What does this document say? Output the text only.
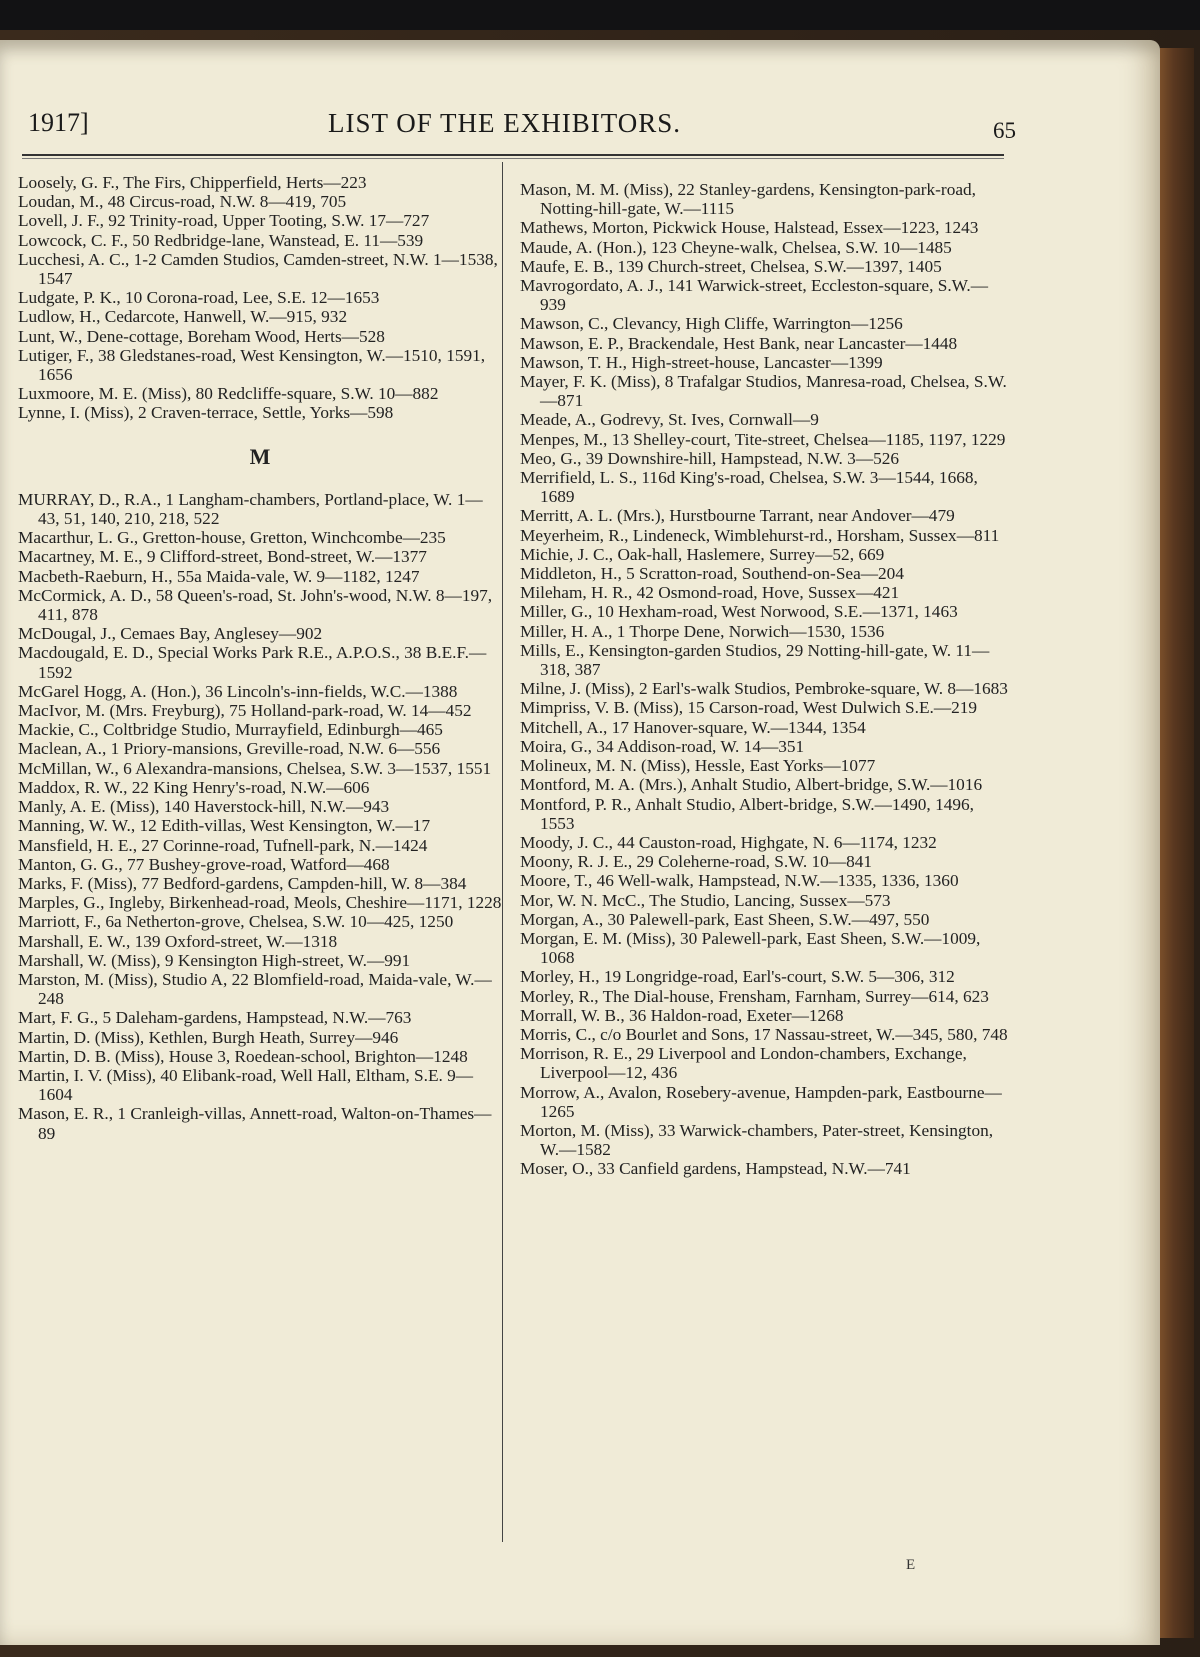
1917]	LIST OF THE EXHIBITORS.	65

Loosely, G. F., The Firs, Chipperfield, Herts—223

Loudan, M., 48 Circus-road, N.W. 8—419, 705

Lovell, J. F., 92 Trinity-road, Upper Tooting, S.W. 17—727

Lowcock, C. F., 50 Redbridge-lane, Wanstead, E. 11—539

Lucchesi, A. C., 1-2 Camden Studios, Camden-street, N.W. 1—1538, 1547

Ludgate, P. K., 10 Corona-road, Lee, S.E. 12—1653

Ludlow, H., Cedarcote, Hanwell, W.—915, 932

Lunt, W., Dene-cottage, Boreham Wood, Herts—528

Lutiger, F., 38 Gledstanes-road, West Kensington, W.—1510, 1591, 1656

Luxmoore, M. E. (Miss), 80 Redcliffe-square, S.W. 10—882

Lynne, I. (Miss), 2 Craven-terrace, Settle, Yorks—598

M

MURRAY, D., R.A., 1 Langham-chambers, Portland-place, W. 1—43, 51, 140, 210, 218, 522

Macarthur, L. G., Gretton-house, Gretton, Winchcombe—235

Macartney, M. E., 9 Clifford-street, Bond-street, W.—1377

Macbeth-Raeburn, H., 55a Maida-vale, W. 9—1182, 1247

McCormick, A. D., 58 Queen's-road, St. John's-wood, N.W. 8—197, 411, 878

McDougal, J., Cemaes Bay, Anglesey—902

Macdougald, E. D., Special Works Park R.E., A.P.O.S., 38 B.E.F.—1592

McGarel Hogg, A. (Hon.), 36 Lincoln's-inn-fields, W.C.—1388

MacIvor, M. (Mrs. Freyburg), 75 Holland-park-road, W. 14—452

Mackie, C., Coltbridge Studio, Murrayfield, Edinburgh—465

Maclean, A., 1 Priory-mansions, Greville-road, N.W. 6—556

McMillan, W., 6 Alexandra-mansions, Chelsea, S.W. 3—1537, 1551

Maddox, R. W., 22 King Henry's-road, N.W.—606

Manly, A. E. (Miss), 140 Haverstock-hill, N.W.—943

Manning, W. W., 12 Edith-villas, West Kensington, W.—17

Mansfield, H. E., 27 Corinne-road, Tufnell-park, N.—1424

Manton, G. G., 77 Bushey-grove-road, Watford—468

Marks, F. (Miss), 77 Bedford-gardens, Campden-hill, W. 8—384

Marples, G., Ingleby, Birkenhead-road, Meols, Cheshire—1171, 1228

Marriott, F., 6a Netherton-grove, Chelsea, S.W. 10—425, 1250

Marshall, E. W., 139 Oxford-street, W.—1318

Marshall, W. (Miss), 9 Kensington High-street, W.—991

Marston, M. (Miss), Studio A, 22 Blomfield-road, Maida-vale, W.—248

Mart, F. G., 5 Daleham-gardens, Hampstead, N.W.—763

Martin, D. (Miss), Kethlen, Burgh Heath, Surrey—946

Martin, D. B. (Miss), House 3, Roedean-school, Brighton—1248

Martin, I. V. (Miss), 40 Elibank-road, Well Hall, Eltham, S.E. 9—1604

Mason, E. R., 1 Cranleigh-villas, Annett-road, Walton-on-Thames—89

Mason, M. M. (Miss), 22 Stanley-gardens, Kensington-park-road, Notting-hill-gate, W.—1115

Mathews, Morton, Pickwick House, Halstead, Essex—1223, 1243

Maude, A. (Hon.), 123 Cheyne-walk, Chelsea, S.W. 10—1485

Maufe, E. B., 139 Church-street, Chelsea, S.W.—1397, 1405

Mavrogordato, A. J., 141 Warwick-street, Eccleston-square, S.W.—939

Mawson, C., Clevancy, High Cliffe, Warrington—1256

Mawson, E. P., Brackendale, Hest Bank, near Lancaster—1448

Mawson, T. H., High-street-house, Lancaster—1399

Mayer, F. K. (Miss), 8 Trafalgar Studios, Manresa-road, Chelsea, S.W.—871

Meade, A., Godrevy, St. Ives, Cornwall—9

Menpes, M., 13 Shelley-court, Tite-street, Chelsea—1185, 1197, 1229

Meo, G., 39 Downshire-hill, Hampstead, N.W. 3—526

Merrifield, L. S., 116d King's-road, Chelsea, S.W. 3—1544, 1668, 1689

Merritt, A. L. (Mrs.), Hurstbourne Tarrant, near Andover—479

Meyerheim, R., Lindeneck, Wimblehurst-rd., Horsham, Sussex—811

Michie, J. C., Oak-hall, Haslemere, Surrey—52, 669

Middleton, H., 5 Scratton-road, Southend-on-Sea—204

Mileham, H. R., 42 Osmond-road, Hove, Sussex—421

Miller, G., 10 Hexham-road, West Norwood, S.E.—1371, 1463

Miller, H. A., 1 Thorpe Dene, Norwich—1530, 1536

Mills, E., Kensington-garden Studios, 29 Notting-hill-gate, W. 11—318, 387

Milne, J. (Miss), 2 Earl's-walk Studios, Pembroke-square, W. 8—1683

Mimpriss, V. B. (Miss), 15 Carson-road, West Dulwich S.E.—219

Mitchell, A., 17 Hanover-square, W.—1344, 1354

Moira, G., 34 Addison-road, W. 14—351

Molineux, M. N. (Miss), Hessle, East Yorks—1077

Montford, M. A. (Mrs.), Anhalt Studio, Albert-bridge, S.W.—1016

Montford, P. R., Anhalt Studio, Albert-bridge, S.W.—1490, 1496, 1553

Moody, J. C., 44 Causton-road, Highgate, N. 6—1174, 1232

Moony, R. J. E., 29 Coleherne-road, S.W. 10—841

Moore, T., 46 Well-walk, Hampstead, N.W.—1335, 1336, 1360

Mor, W. N. McC., The Studio, Lancing, Sussex—573

Morgan, A., 30 Palewell-park, East Sheen, S.W.—497, 550

Morgan, E. M. (Miss), 30 Palewell-park, East Sheen, S.W.—1009, 1068

Morley, H., 19 Longridge-road, Earl's-court, S.W. 5—306, 312

Morley, R., The Dial-house, Frensham, Farnham, Surrey—614, 623

Morrall, W. B., 36 Haldon-road, Exeter—1268

Morris, C., c/o Bourlet and Sons, 17 Nassau-street, W.—345, 580, 748

Morrison, R. E., 29 Liverpool and London-chambers, Exchange, Liverpool—12, 436

Morrow, A., Avalon, Rosebery-avenue, Hampden-park, Eastbourne—1265

Morton, M. (Miss), 33 Warwick-chambers, Pater-street, Kensington, W.—1582

Moser, O., 33 Canfield gardens, Hampstead, N.W.—741

E
